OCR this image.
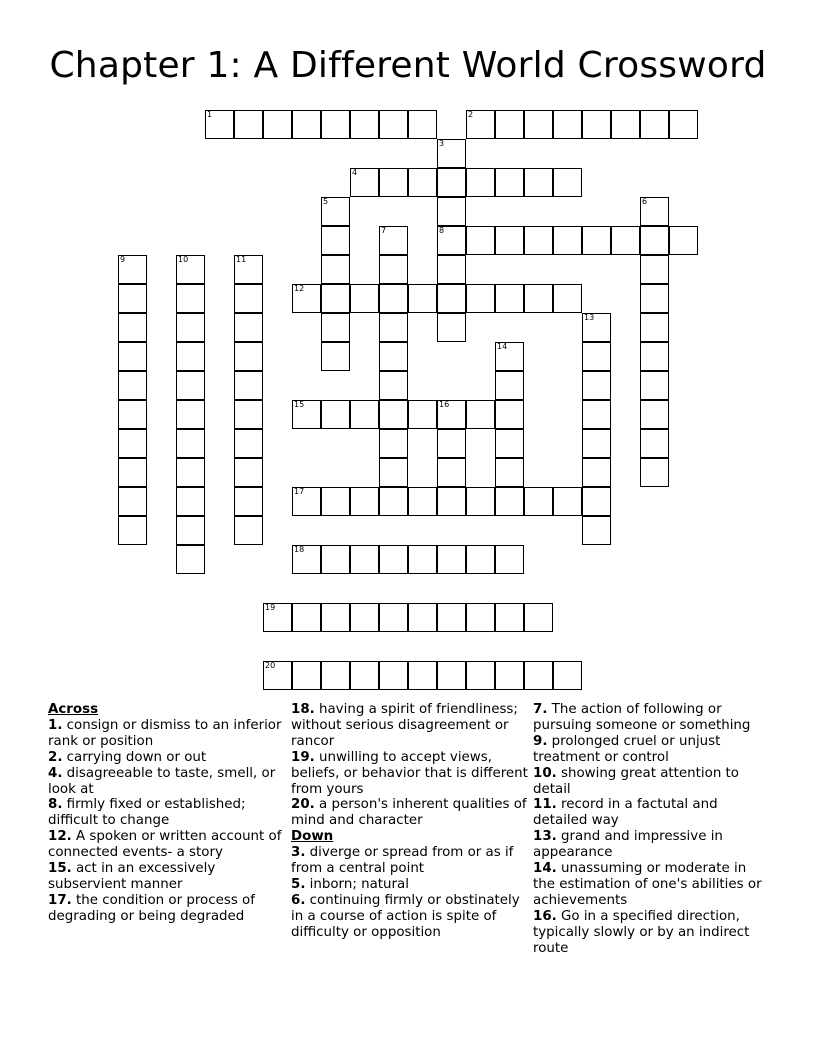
Chapter 1: A Different World Crossword
1	2
3
8
4
5	6
7
9	10	11
12
13
14
15	16
17
18
19
20
Across
1. consign or dismiss to an inferior rank or position
2. carrying down or out
4. disagreeable to taste, smell, or look at
8. firmly fixed or established; difficult to change
12. A spoken or written account of connected events- a story
15. act in an excessively subservient manner
17. the condition or process of degrading or being degraded
18. having a spirit of friendliness; without serious disagreement or rancor
19. unwilling to accept views, beliefs, or behavior that is different from yours
20. a person's inherent qualities of mind and character
Down
3. diverge or spread from or as if from a central point
5. inborn; natural
6. continuing firmly or obstinately in a course of action is spite of difficulty or opposition
7. The action of following or pursuing someone or something
9. prolonged cruel or unjust treatment or control
10. showing great attention to detail
11. record in a factutal and detailed way
13. grand and impressive in appearance
14. unassuming or moderate in the estimation of one's abilities or achievements
16. Go in a specified direction, typically slowly or by an indirect route
